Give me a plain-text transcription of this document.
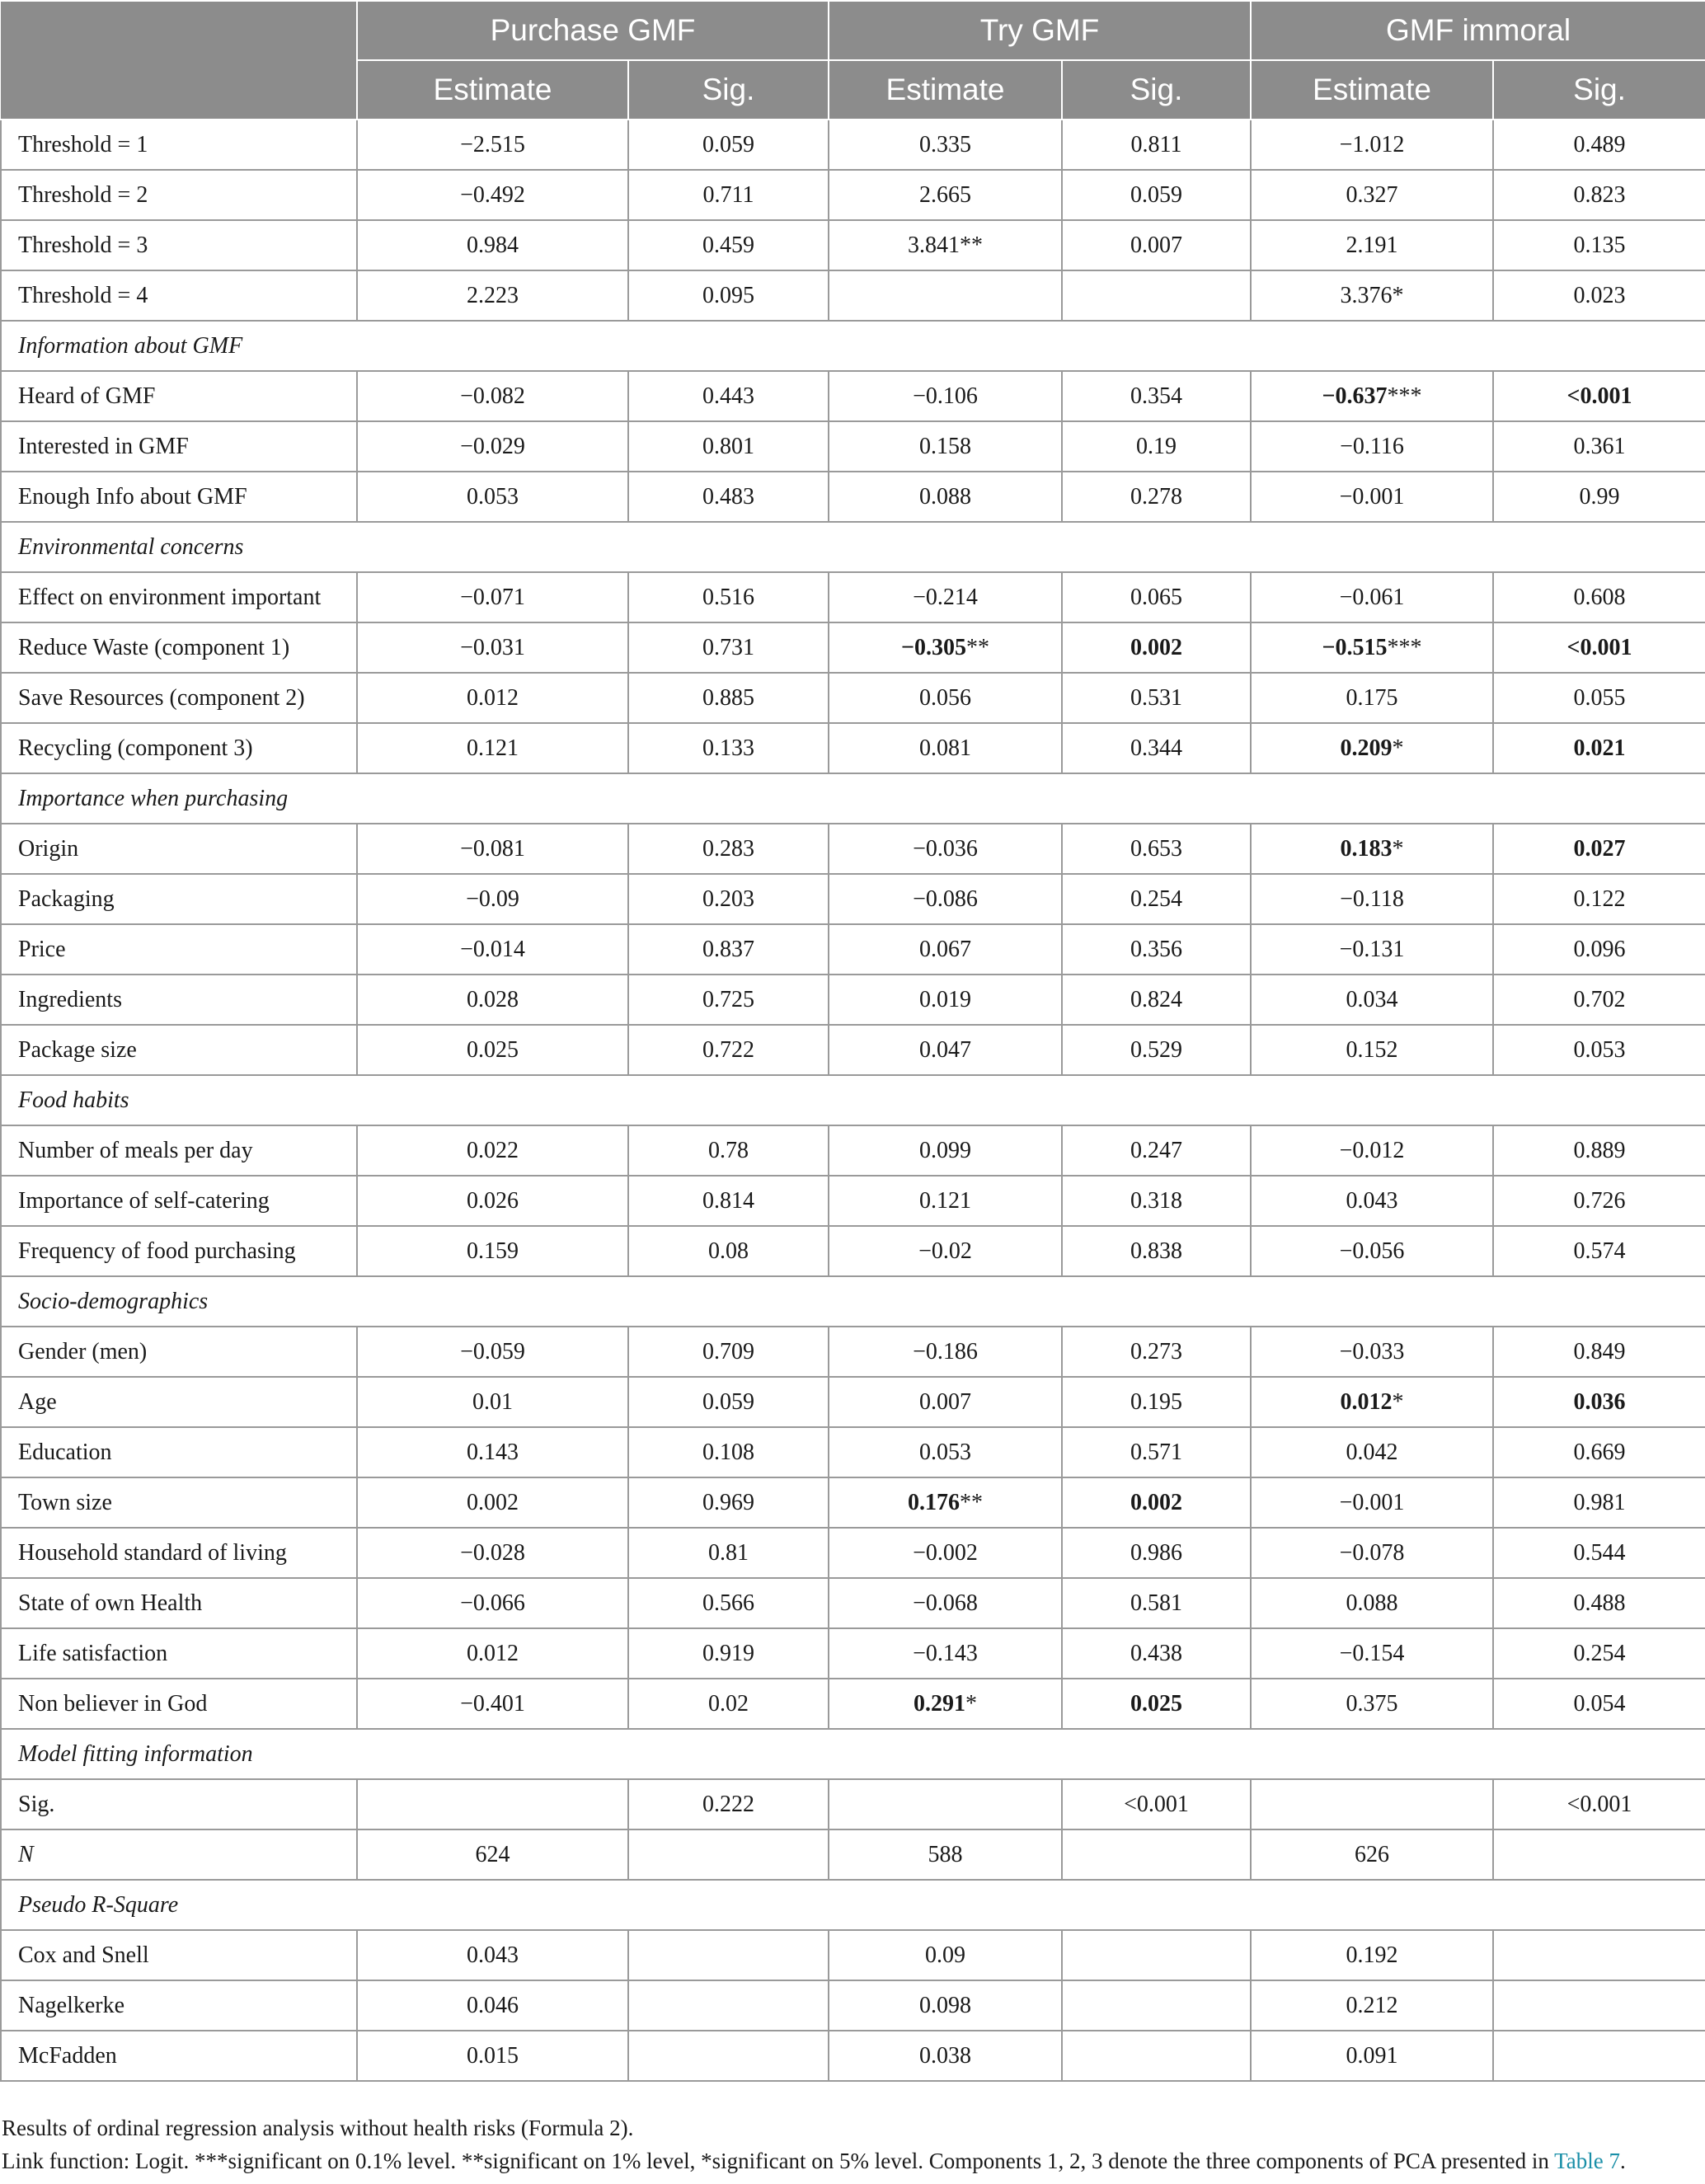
	Purchase GMF		Try GMF		GMF immoral	
	Estimate	Sig.	Estimate	Sig.	Estimate	Sig.
Threshold = 1	−2.515	0.059	0.335	0.811	−1.012	0.489
Threshold = 2	−0.492	0.711	2.665	0.059	0.327	0.823
Threshold = 3	0.984	0.459	3.841**	0.007	2.191	0.135
Threshold = 4	2.223	0.095			3.376*	0.023
Information about GMF						
Heard of GMF	−0.082	0.443	−0.106	0.354	−0.637***	<0.001
Interested in GMF	−0.029	0.801	0.158	0.19	−0.116	0.361
Enough Info about GMF	0.053	0.483	0.088	0.278	−0.001	0.99
Environmental concerns						
Effect on environment important	−0.071	0.516	−0.214	0.065	−0.061	0.608
Reduce Waste (component 1)	−0.031	0.731	−0.305**	0.002	−0.515***	<0.001
Save Resources (component 2)	0.012	0.885	0.056	0.531	0.175	0.055
Recycling (component 3)	0.121	0.133	0.081	0.344	0.209*	0.021
Importance when purchasing						
Origin	−0.081	0.283	−0.036	0.653	0.183*	0.027
Packaging	−0.09	0.203	−0.086	0.254	−0.118	0.122
Price	−0.014	0.837	0.067	0.356	−0.131	0.096
Ingredients	0.028	0.725	0.019	0.824	0.034	0.702
Package size	0.025	0.722	0.047	0.529	0.152	0.053
Food habits						
Number of meals per day	0.022	0.78	0.099	0.247	−0.012	0.889
Importance of self-catering	0.026	0.814	0.121	0.318	0.043	0.726
Frequency of food purchasing	0.159	0.08	−0.02	0.838	−0.056	0.574
Socio-demographics						
Gender (men)	−0.059	0.709	−0.186	0.273	−0.033	0.849
Age	0.01	0.059	0.007	0.195	0.012*	0.036
Education	0.143	0.108	0.053	0.571	0.042	0.669
Town size	0.002	0.969	0.176**	0.002	−0.001	0.981
Household standard of living	−0.028	0.81	−0.002	0.986	−0.078	0.544
State of own Health	−0.066	0.566	−0.068	0.581	0.088	0.488
Life satisfaction	0.012	0.919	−0.143	0.438	−0.154	0.254
Non believer in God	−0.401	0.02	0.291*	0.025	0.375	0.054
Model fitting information						
Sig.		0.222		<0.001		<0.001
N	624		588		626	
Pseudo R-Square						
Cox and Snell	0.043		0.09		0.192	
Nagelkerke	0.046		0.098		0.212	
McFadden	0.015		0.038		0.091	
Results of ordinal regression analysis without health risks (Formula 2).
Link function: Logit. ***significant on 0.1% level. **significant on 1% level, *significant on 5% level. Components 1, 2, 3 denote the three components of PCA presented in Table 7.
